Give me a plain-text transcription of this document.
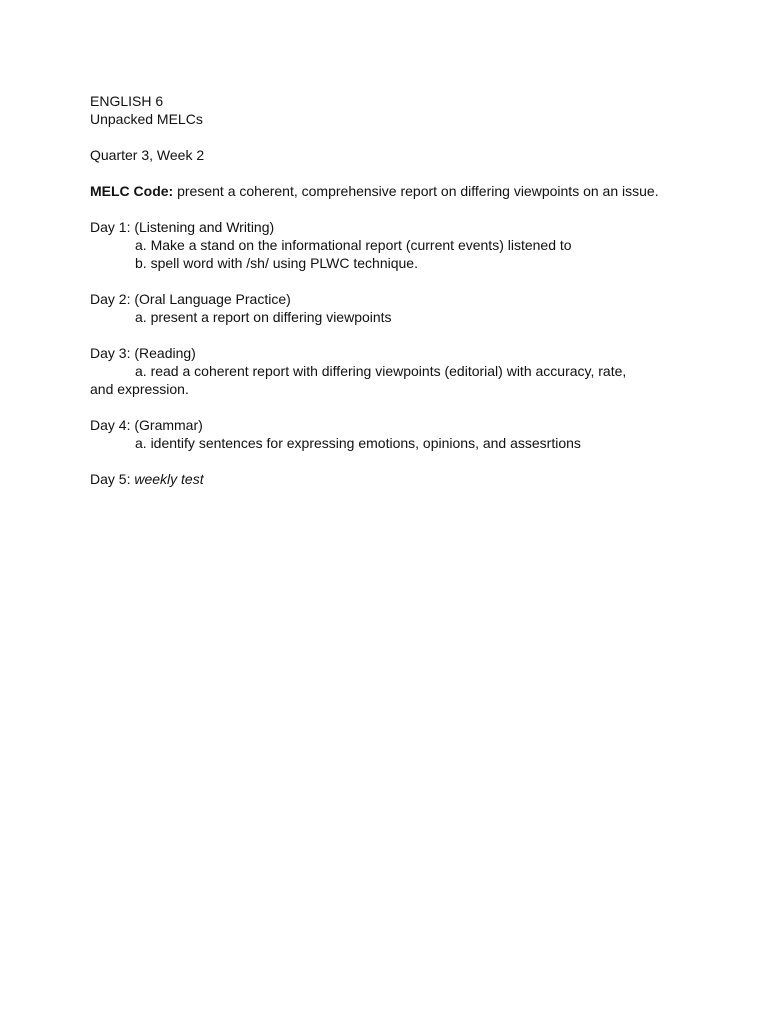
ENGLISH 6
Unpacked MELCs
Quarter 3, Week 2

MELC Code: present a coherent, comprehensive report on differing viewpoints on an issue.

Day 1: (Listening and Writing)
a. Make a stand on the informational report (current events) listened to
b. spell word with /sh/ using PLWC technique.
Day 2: (Oral Language Practice)
a. present a report on differing viewpoints
Day 3: (Reading)
a. read a coherent report with differing viewpoints (editorial) with accuracy, rate,
and expression.
Day 4: (Grammar)
a. identify sentences for expressing emotions, opinions, and assesrtions

Day 5: weekly test
